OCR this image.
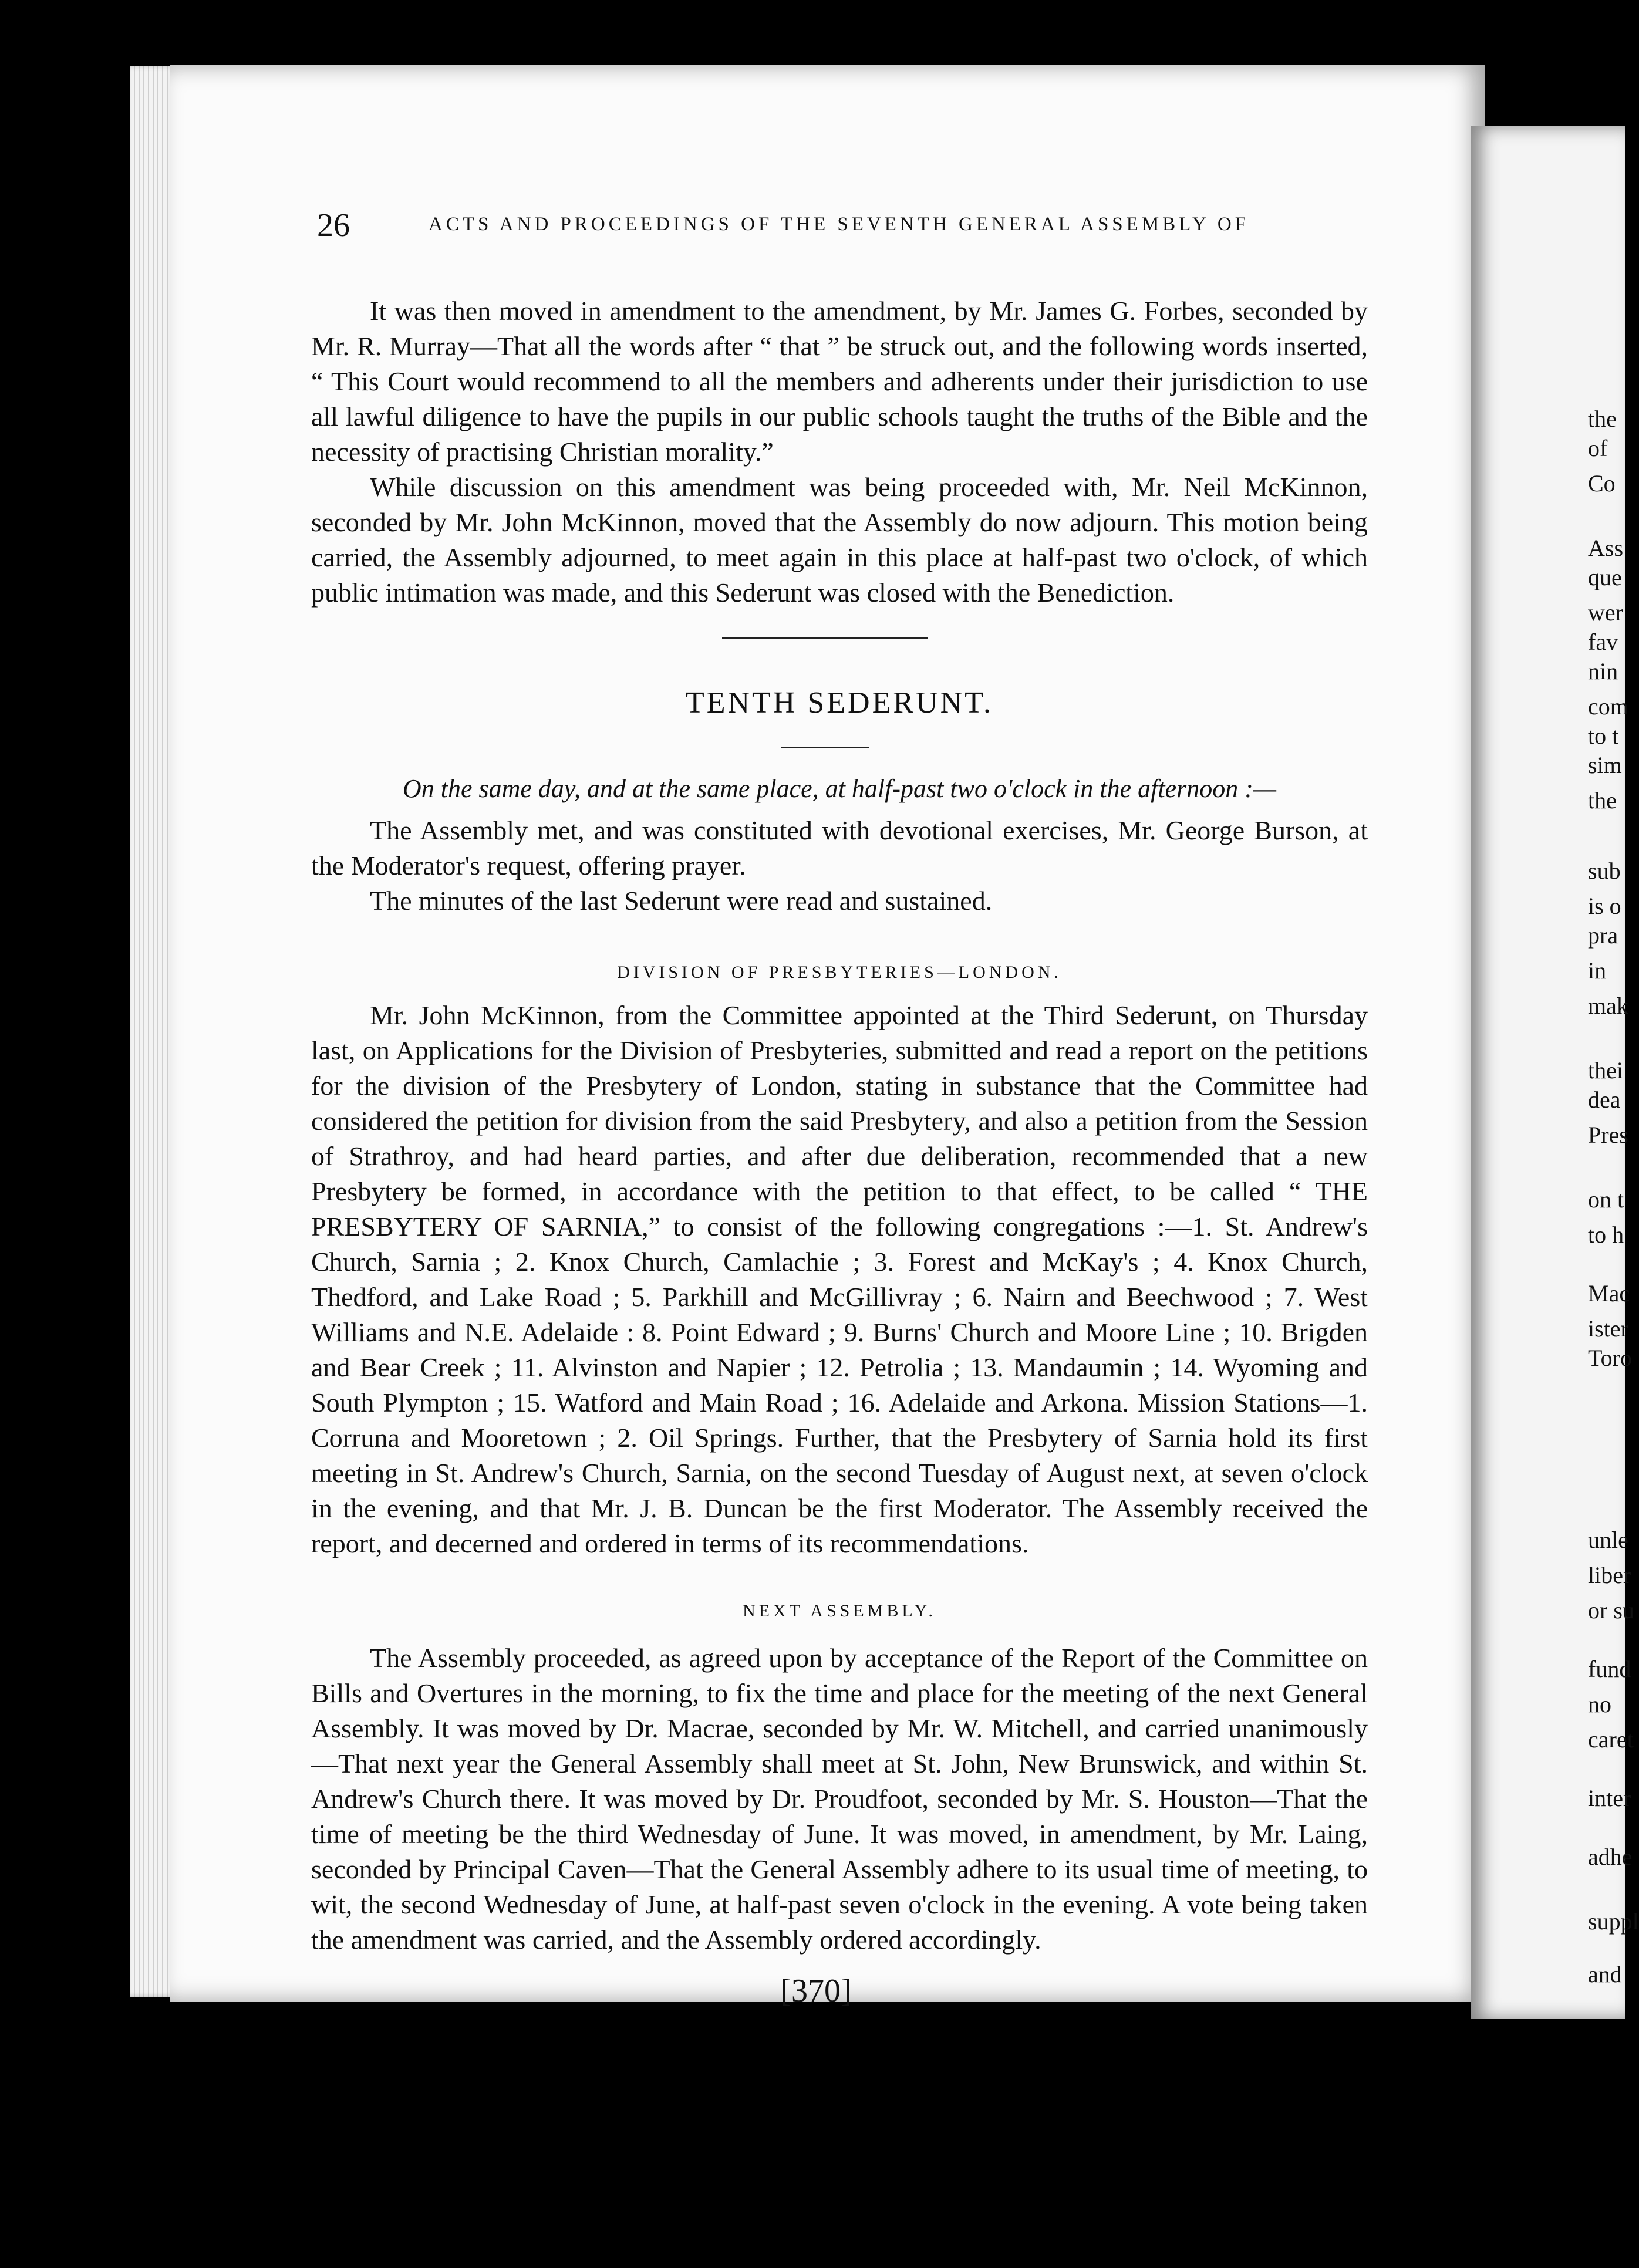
the
of
Co
Ass
que
wer
fav
nin
com
to t
sim
the
sub
is o
pra
in
mak
thei
dea
Pres
on t
to h
Mac
ister
Toro
unle
liber
or su
fund
no
caret
inter
adhe
suppl
and
26	ACTS AND PROCEEDINGS OF THE SEVENTH GENERAL ASSEMBLY OF

It was then moved in amendment to the amendment, by Mr. James G. Forbes, seconded by Mr. R. Murray—That all the words after “ that ” be struck out, and the following words inserted, “ This Court would recommend to all the members and adherents under their jurisdiction to use all lawful diligence to have the pupils in our public schools taught the truths of the Bible and the necessity of practising Christian morality.”

While discussion on this amendment was being proceeded with, Mr. Neil McKinnon, seconded by Mr. John McKinnon, moved that the Assembly do now adjourn. This motion being carried, the Assembly adjourned, to meet again in this place at half-past two o'clock, of which public intimation was made, and this Sederunt was closed with the Benediction.

TENTH SEDERUNT.
On the same day, and at the same place, at half-past two o'clock in the afternoon :—

The Assembly met, and was constituted with devotional exercises, Mr. George Burson, at the Moderator's request, offering prayer.

The minutes of the last Sederunt were read and sustained.

DIVISION OF PRESBYTERIES—LONDON.

Mr. John McKinnon, from the Committee appointed at the Third Sederunt, on Thursday last, on Applications for the Division of Presbyteries, submitted and read a report on the petitions for the division of the Presbytery of London, stating in substance that the Committee had considered the petition for division from the said Presbytery, and also a petition from the Session of Strathroy, and had heard parties, and after due deliberation, recommended that a new Presbytery be formed, in accordance with the petition to that effect, to be called “ THE PRESBYTERY OF SARNIA,” to consist of the following congregations :—1. St. Andrew's Church, Sarnia ; 2. Knox Church, Camlachie ; 3. Forest and McKay's ; 4. Knox Church, Thedford, and Lake Road ; 5. Parkhill and McGillivray ; 6. Nairn and Beechwood ; 7. West Williams and N.E. Adelaide : 8. Point Edward ; 9. Burns' Church and Moore Line ; 10. Brigden and Bear Creek ; 11. Alvinston and Napier ; 12. Petrolia ; 13. Mandaumin ; 14. Wyoming and South Plympton ; 15. Watford and Main Road ; 16. Adelaide and Arkona. Mission Stations—1. Corruna and Mooretown ; 2. Oil Springs. Further, that the Presbytery of Sarnia hold its first meeting in St. Andrew's Church, Sarnia, on the second Tuesday of August next, at seven o'clock in the evening, and that Mr. J. B. Duncan be the first Moderator. The Assembly received the report, and decerned and ordered in terms of its recommendations.

NEXT ASSEMBLY.

The Assembly proceeded, as agreed upon by acceptance of the Report of the Committee on Bills and Overtures in the morning, to fix the time and place for the meeting of the next General Assembly. It was moved by Dr. Macrae, seconded by Mr. W. Mitchell, and carried unanimously—That next year the General Assembly shall meet at St. John, New Brunswick, and within St. Andrew's Church there. It was moved by Dr. Proudfoot, seconded by Mr. S. Houston—That the time of meeting be the third Wednesday of June. It was moved, in amendment, by Mr. Laing, seconded by Principal Caven—That the General Assembly adhere to its usual time of meeting, to wit, the second Wednesday of June, at half-past seven o'clock in the evening. A vote being taken the amendment was carried, and the Assembly ordered accordingly.

[370]
